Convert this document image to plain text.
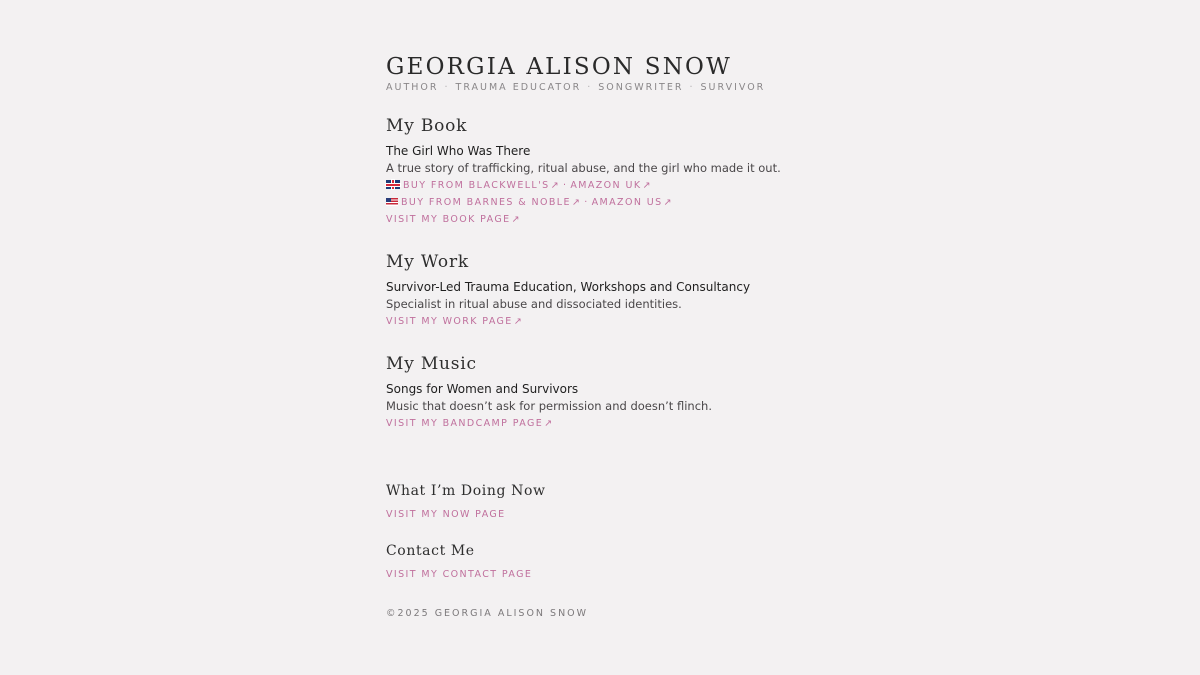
GEORGIA ALISON SNOW
AUTHOR · TRAUMA EDUCATOR · SONGWRITER · SURVIVOR
My Book
The Girl Who Was There
A true story of trafficking, ritual abuse, and the girl who made it out.
BUY FROM BLACKWELL'S↗ · AMAZON UK↗
BUY FROM BARNES & NOBLE↗ · AMAZON US↗
VISIT MY BOOK PAGE↗
My Work
Survivor-Led Trauma Education, Workshops and Consultancy
Specialist in ritual abuse and dissociated identities.
VISIT MY WORK PAGE↗
My Music
Songs for Women and Survivors
Music that doesn’t ask for permission and doesn’t flinch.
VISIT MY BANDCAMP PAGE↗
What I’m Doing Now
VISIT MY NOW PAGE
Contact Me
VISIT MY CONTACT PAGE
©2025 GEORGIA ALISON SNOW
